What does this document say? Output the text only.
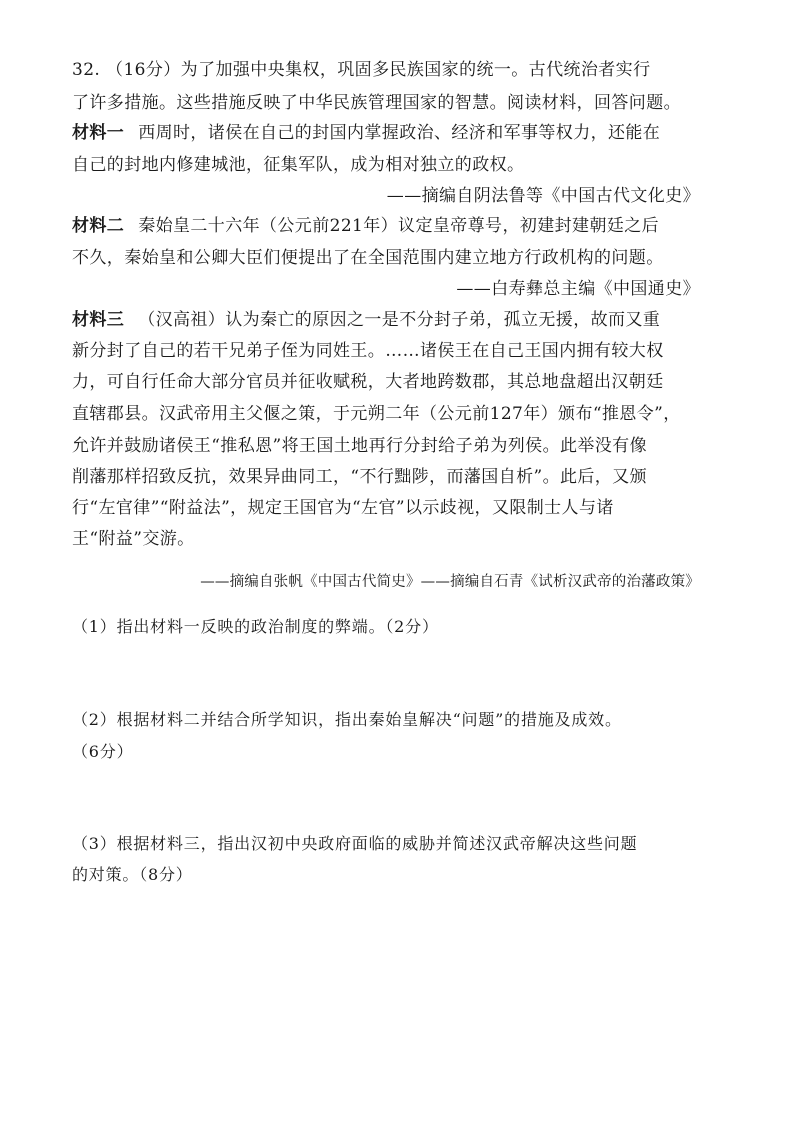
32. （16分）为了加强中央集权，巩固多民族国家的统一。古代统治者实行
了许多措施。这些措施反映了中华民族管理国家的智慧。阅读材料，回答问题。
材料一 西周时，诸侯在自己的封国内掌握政治、经济和军事等权力，还能在
自己的封地内修建城池，征集军队，成为相对独立的政权。
——摘编自阴法鲁等《中国古代文化史》
材料二 秦始皇二十六年（公元前221年）议定皇帝尊号，初建封建朝廷之后
不久，秦始皇和公卿大臣们便提出了在全国范围内建立地方行政机构的问题。
——白寿彝总主编《中国通史》
材料三 （汉高祖）认为秦亡的原因之一是不分封子弟，孤立无援，故而又重
新分封了自己的若干兄弟子侄为同姓王。……诸侯王在自己王国内拥有较大权
力，可自行任命大部分官员并征收赋税，大者地跨数郡，其总地盘超出汉朝廷
直辖郡县。汉武帝用主父偃之策，于元朔二年（公元前127年）颁布“推恩令”，
允许并鼓励诸侯王“推私恩”将王国土地再行分封给子弟为列侯。此举没有像
削藩那样招致反抗，效果异曲同工，“不行黜陟，而藩国自析”。此后，又颁
行“左官律”“附益法”，规定王国官为“左官”以示歧视，又限制士人与诸
王“附益”交游。
——摘编自张帆《中国古代简史》——摘编自石青《试析汉武帝的治藩政策》
（1）指出材料一反映的政治制度的弊端。（2分）
（2）根据材料二并结合所学知识，指出秦始皇解决“问题”的措施及成效。
（6分）
（3）根据材料三，指出汉初中央政府面临的威胁并简述汉武帝解决这些问题
的对策。（8分）
